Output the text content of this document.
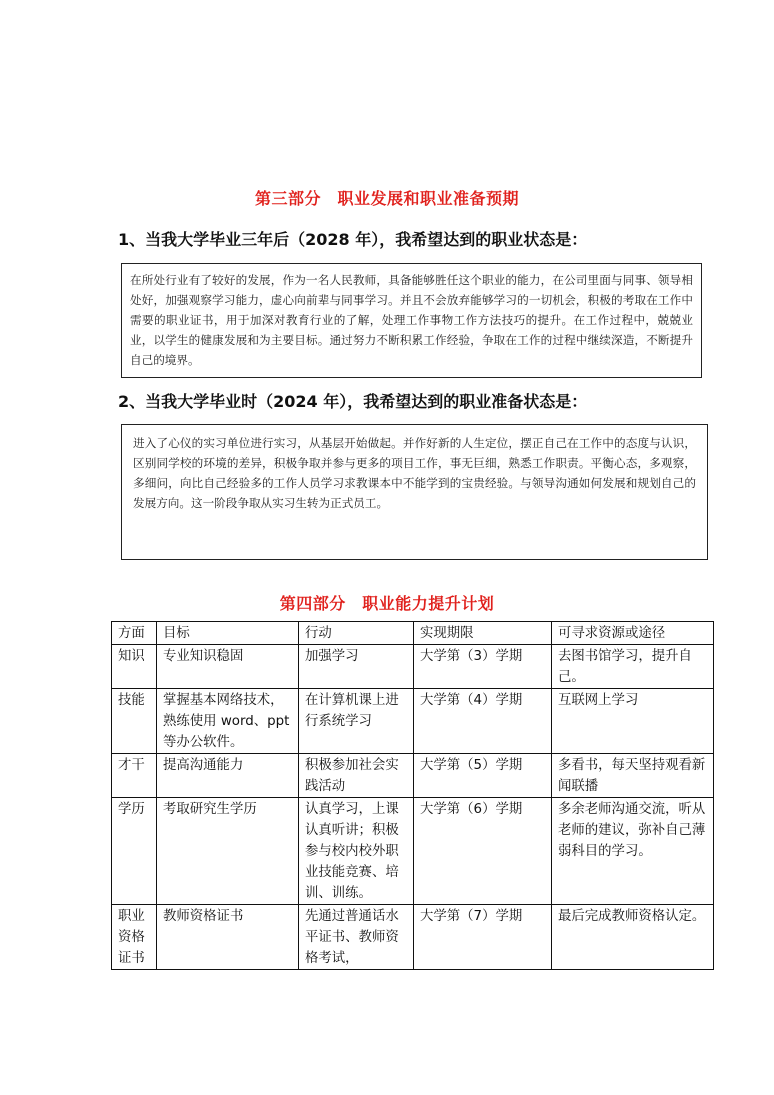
第三部分　职业发展和职业准备预期
1、当我大学毕业三年后（2028 年），我希望达到的职业状态是：
在所处行业有了较好的发展，作为一名人民教师，具备能够胜任这个职业的能力，在公司里面与同事、领导相处好，加强观察学习能力，虚心向前辈与同事学习。并且不会放弃能够学习的一切机会，积极的考取在工作中需要的职业证书，用于加深对教育行业的了解，处理工作事物工作方法技巧的提升。在工作过程中，兢兢业业，以学生的健康发展和为主要目标。通过努力不断积累工作经验，争取在工作的过程中继续深造，不断提升自己的境界。
2、当我大学毕业时（2024 年），我希望达到的职业准备状态是：
进入了心仪的实习单位进行实习，从基层开始做起。并作好新的人生定位，摆正自己在工作中的态度与认识，区别同学校的环境的差异，积极争取并参与更多的项目工作，事无巨细，熟悉工作职责。平衡心态，多观察，多细问，向比自己经验多的工作人员学习求教课本中不能学到的宝贵经验。与领导沟通如何发展和规划自己的发展方向。这一阶段争取从实习生转为正式员工。
第四部分　职业能力提升计划
方面	目标	行动	实现期限	可寻求资源或途径
知识	专业知识稳固	加强学习	大学第（3）学期	去图书馆学习，提升自己。
技能	掌握基本网络技术，熟练使用 word、ppt 等办公软件。	在计算机课上进行系统学习	大学第（4）学期	互联网上学习
才干	提高沟通能力	积极参加社会实践活动	大学第（5）学期	多看书，每天坚持观看新闻联播
学历	考取研究生学历	认真学习，上课认真听讲；积极参与校内校外职业技能竞赛、培训、训练。	大学第（6）学期	多余老师沟通交流，听从老师的建议，弥补自己薄弱科目的学习。
职业资格证书	教师资格证书	先通过普通话水平证书、教师资格考试，	大学第（7）学期	最后完成教师资格认定。
